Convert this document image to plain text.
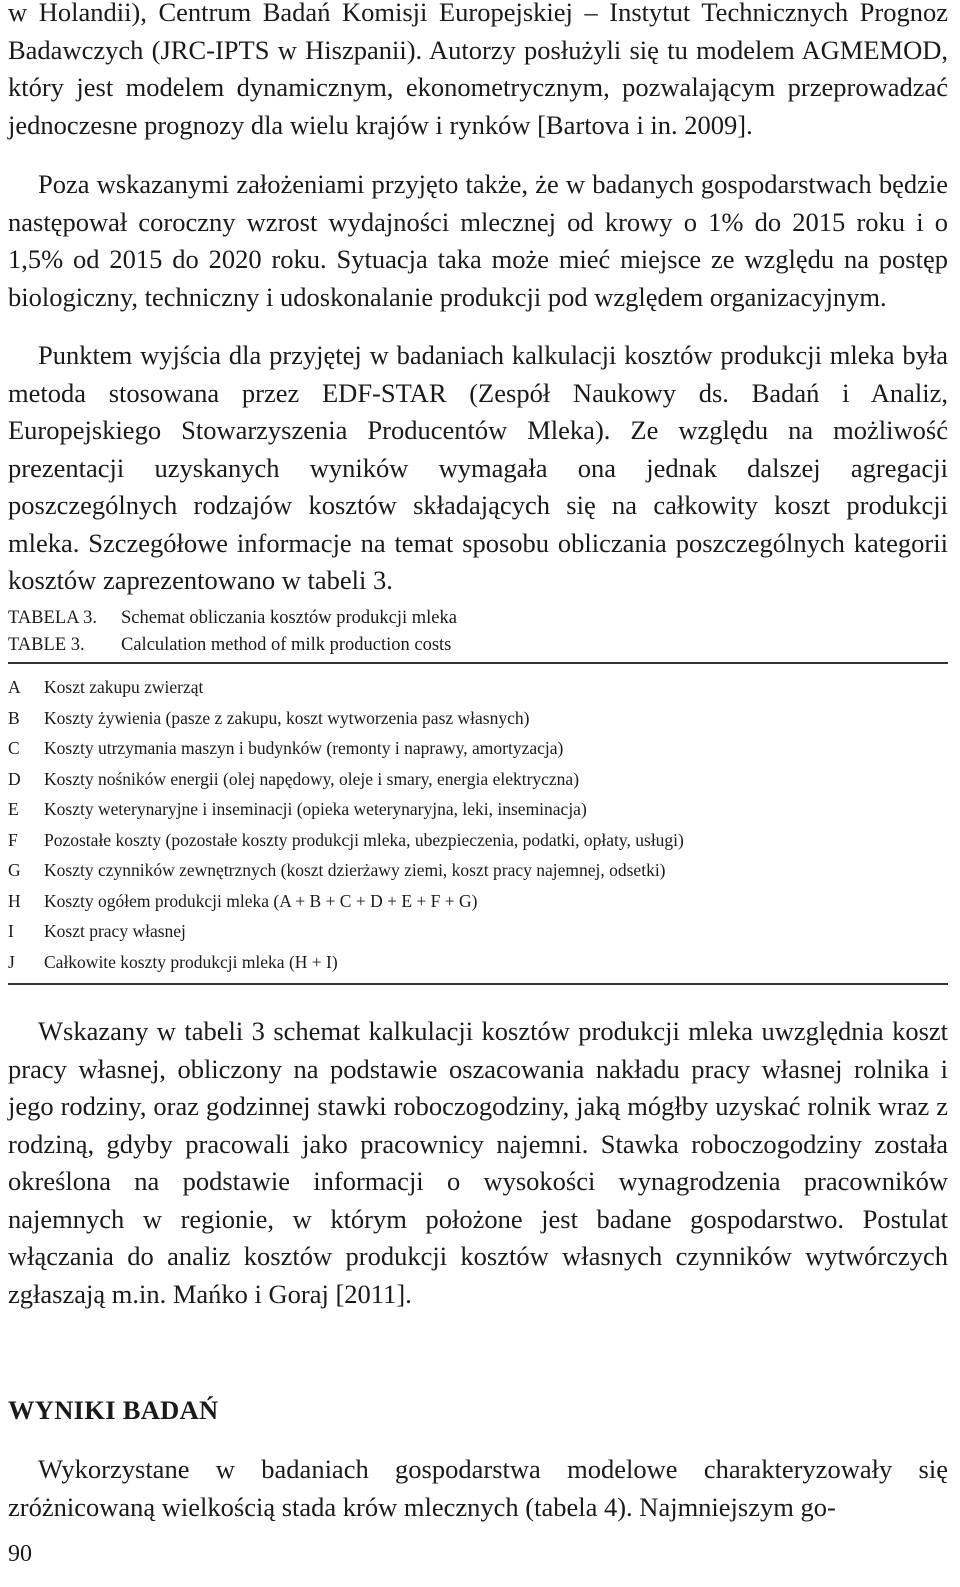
w Holandii), Centrum Badań Komisji Europejskiej – Instytut Technicznych Prognoz Badawczych (JRC-IPTS w Hiszpanii). Autorzy posłużyli się tu modelem AGMEMOD, który jest modelem dynamicznym, ekonometrycznym, pozwalającym przeprowadzać jednoczesne prognozy dla wielu krajów i rynków [Bartova i in. 2009].

Poza wskazanymi założeniami przyjęto także, że w badanych gospodarstwach będzie następował coroczny wzrost wydajności mlecznej od krowy o 1% do 2015 roku i o 1,5% od 2015 do 2020 roku. Sytuacja taka może mieć miejsce ze względu na postęp biologiczny, techniczny i udoskonalanie produkcji pod względem organizacyjnym.

Punktem wyjścia dla przyjętej w badaniach kalkulacji kosztów produkcji mleka była metoda stosowana przez EDF-STAR (Zespół Naukowy ds. Badań i Analiz, Europejskiego Stowarzyszenia Producentów Mleka). Ze względu na możliwość prezentacji uzyskanych wyników wymagała ona jednak dalszej agregacji poszczególnych rodzajów kosztów składających się na całkowity koszt produkcji mleka. Szczegółowe informacje na temat sposobu obliczania poszczególnych kategorii kosztów zaprezentowano w tabeli 3.

TABELA 3.	Schemat obliczania kosztów produkcji mleka
TABLE 3.	Calculation method of milk production costs
A	Koszt zakupu zwierząt
B	Koszty żywienia (pasze z zakupu, koszt wytworzenia pasz własnych)
C	Koszty utrzymania maszyn i budynków (remonty i naprawy, amortyzacja)
D	Koszty nośników energii (olej napędowy, oleje i smary, energia elektryczna)
E	Koszty weterynaryjne i inseminacji (opieka weterynaryjna, leki, inseminacja)
F	Pozostałe koszty (pozostałe koszty produkcji mleka, ubezpieczenia, podatki, opłaty, usługi)
G	Koszty czynników zewnętrznych (koszt dzierżawy ziemi, koszt pracy najemnej, odsetki)
H	Koszty ogółem produkcji mleka (A + B + C + D + E + F + G)
I	Koszt pracy własnej
J	Całkowite koszty produkcji mleka (H + I)

Wskazany w tabeli 3 schemat kalkulacji kosztów produkcji mleka uwzględnia koszt pracy własnej, obliczony na podstawie oszacowania nakładu pracy własnej rolnika i jego rodziny, oraz godzinnej stawki roboczogodziny, jaką mógłby uzyskać rolnik wraz z rodziną, gdyby pracowali jako pracownicy najemni. Stawka roboczogodziny została określona na podstawie informacji o wysokości wynagrodzenia pracowników najemnych w regionie, w którym położone jest badane gospodarstwo. Postulat włączania do analiz kosztów produkcji kosztów własnych czynników wytwórczych zgłaszają m.in. Mańko i Goraj [2011].

WYNIKI BADAŃ

Wykorzystane w badaniach gospodarstwa modelowe charakteryzowały się zróżnicowaną wielkością stada krów mlecznych (tabela 4). Najmniejszym go-

90
